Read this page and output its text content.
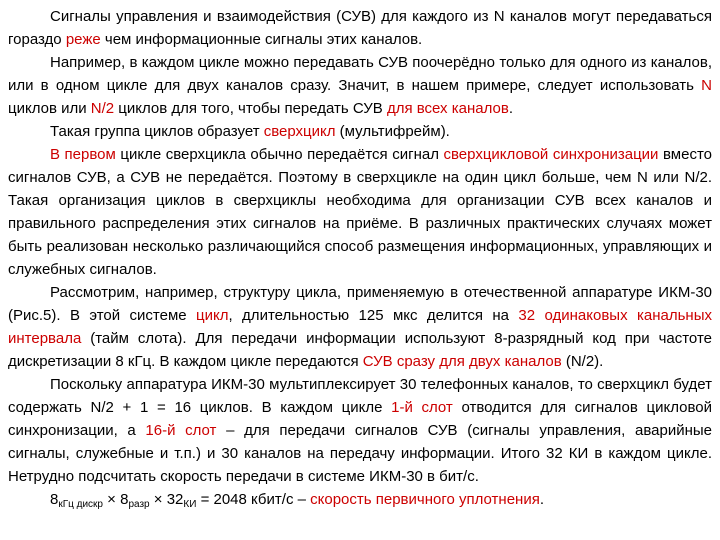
Сигналы управления и взаимодействия (СУВ) для каждого из N каналов могут передаваться гораздо реже чем информационные сигналы этих каналов.

Например, в каждом цикле можно передавать СУВ поочерёдно только для одного из каналов, или в одном цикле для двух каналов сразу. Значит, в нашем примере, следует использовать N циклов или N/2 циклов для того, чтобы передать СУВ для всех каналов.

Такая группа циклов образует сверхцикл (мультифрейм).

В первом цикле сверхцикла обычно передаётся сигнал сверхцикловой синхронизации вместо сигналов СУВ, а СУВ не передаётся. Поэтому в сверхцикле на один цикл больше, чем N или N/2. Такая организация циклов в сверхциклы необходима для организации СУВ всех каналов и правильного распределения этих сигналов на приёме. В различных практических случаях может быть реализован несколько различающийся способ размещения информационных, управляющих и служебных сигналов.

Рассмотрим, например, структуру цикла, применяемую в отечественной аппаратуре ИКМ-30 (Рис.5). В этой системе цикл, длительностью 125 мкс делится на 32 одинаковых канальных интервала (тайм слота). Для передачи информации используют 8-разрядный код при частоте дискретизации 8 кГц. В каждом цикле передаются СУВ сразу для двух каналов (N/2).

Поскольку аппаратура ИКМ-30 мультиплексирует 30 телефонных каналов, то сверхцикл будет содержать N/2 + 1 = 16 циклов. В каждом цикле 1-й слот отводится для сигналов цикловой синхронизации, а 16-й слот – для передачи сигналов СУВ (сигналы управления, аварийные сигналы, служебные и т.п.) и 30 каналов на передачу информации. Итого 32 КИ в каждом цикле. Нетрудно подсчитать скорость передачи в системе ИКМ-30 в бит/с.

$8_{кГц дискр} \times 8_{разр} \times 32_{КИ} = 2048$ кбит/с – скорость первичного уплотнения.
